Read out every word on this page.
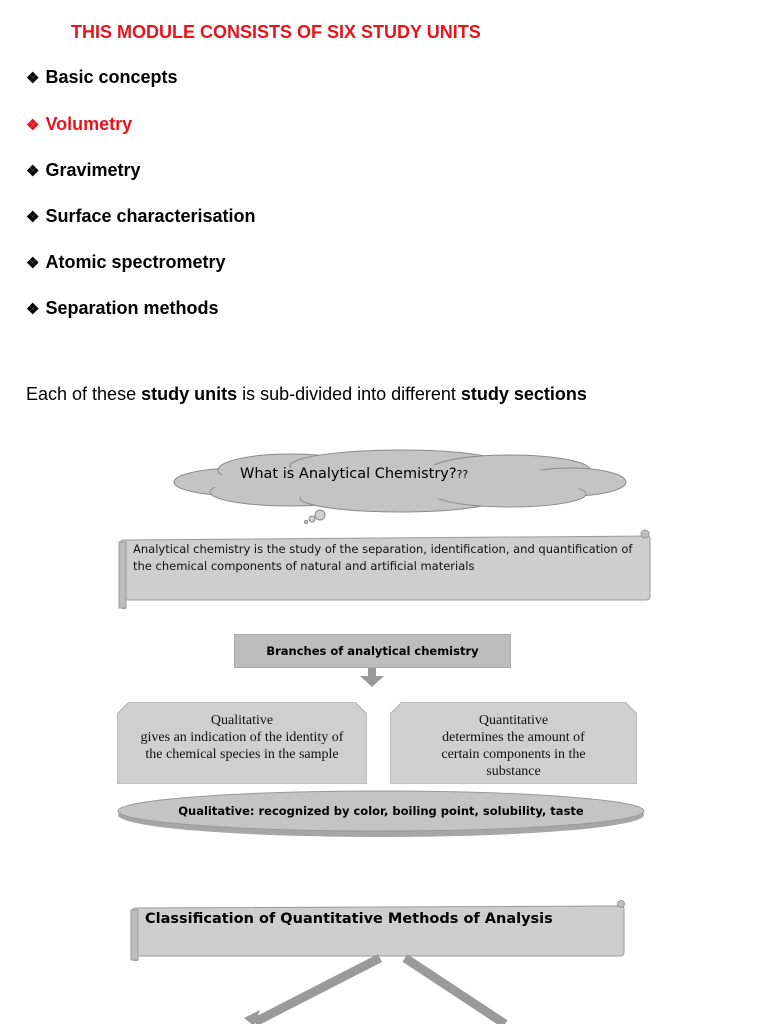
THIS MODULE CONSISTS OF SIX STUDY UNITS
❖ Basic concepts
❖ Volumetry
❖ Gravimetry
❖ Surface characterisation
❖ Atomic spectrometry
❖ Separation methods
Each of these study units is sub-divided into different study sections
What is Analytical Chemistry???
Analytical chemistry is the study of the separation, identification, and quantification of the chemical components of natural and artificial materials
Branches of analytical chemistry
Qualitative
gives an indication of the identity of the chemical species in the sample
Quantitative
determines the amount of certain components in the substance
Qualitative: recognized by color, boiling point, solubility, taste
Classification of Quantitative Methods of Analysis
